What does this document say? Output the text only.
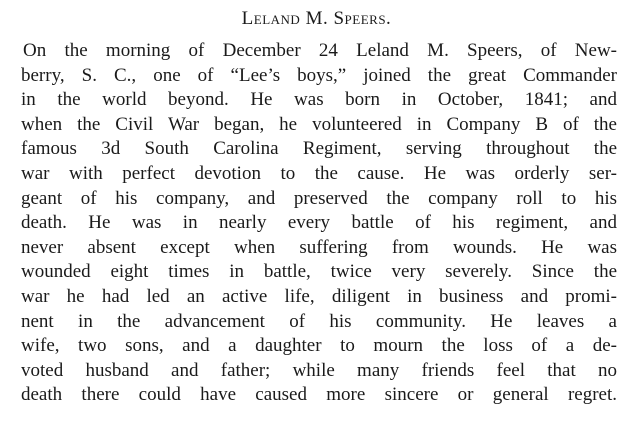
Leland M. Speers.
On the morning of December 24 Leland M. Speers, of New-
berry, S. C., one of “Lee’s boys,” joined the great Commander
in the world beyond. He was born in October, 1841; and
when the Civil War began, he volunteered in Company B of the
famous 3d South Carolina Regiment, serving throughout the
war with perfect devotion to the cause. He was orderly ser-
geant of his company, and preserved the company roll to his
death. He was in nearly every battle of his regiment, and
never absent except when suffering from wounds. He was
wounded eight times in battle, twice very severely. Since the
war he had led an active life, diligent in business and promi-
nent in the advancement of his community. He leaves a
wife, two sons, and a daughter to mourn the loss of a de-
voted husband and father; while many friends feel that no
death there could have caused more sincere or general regret.
